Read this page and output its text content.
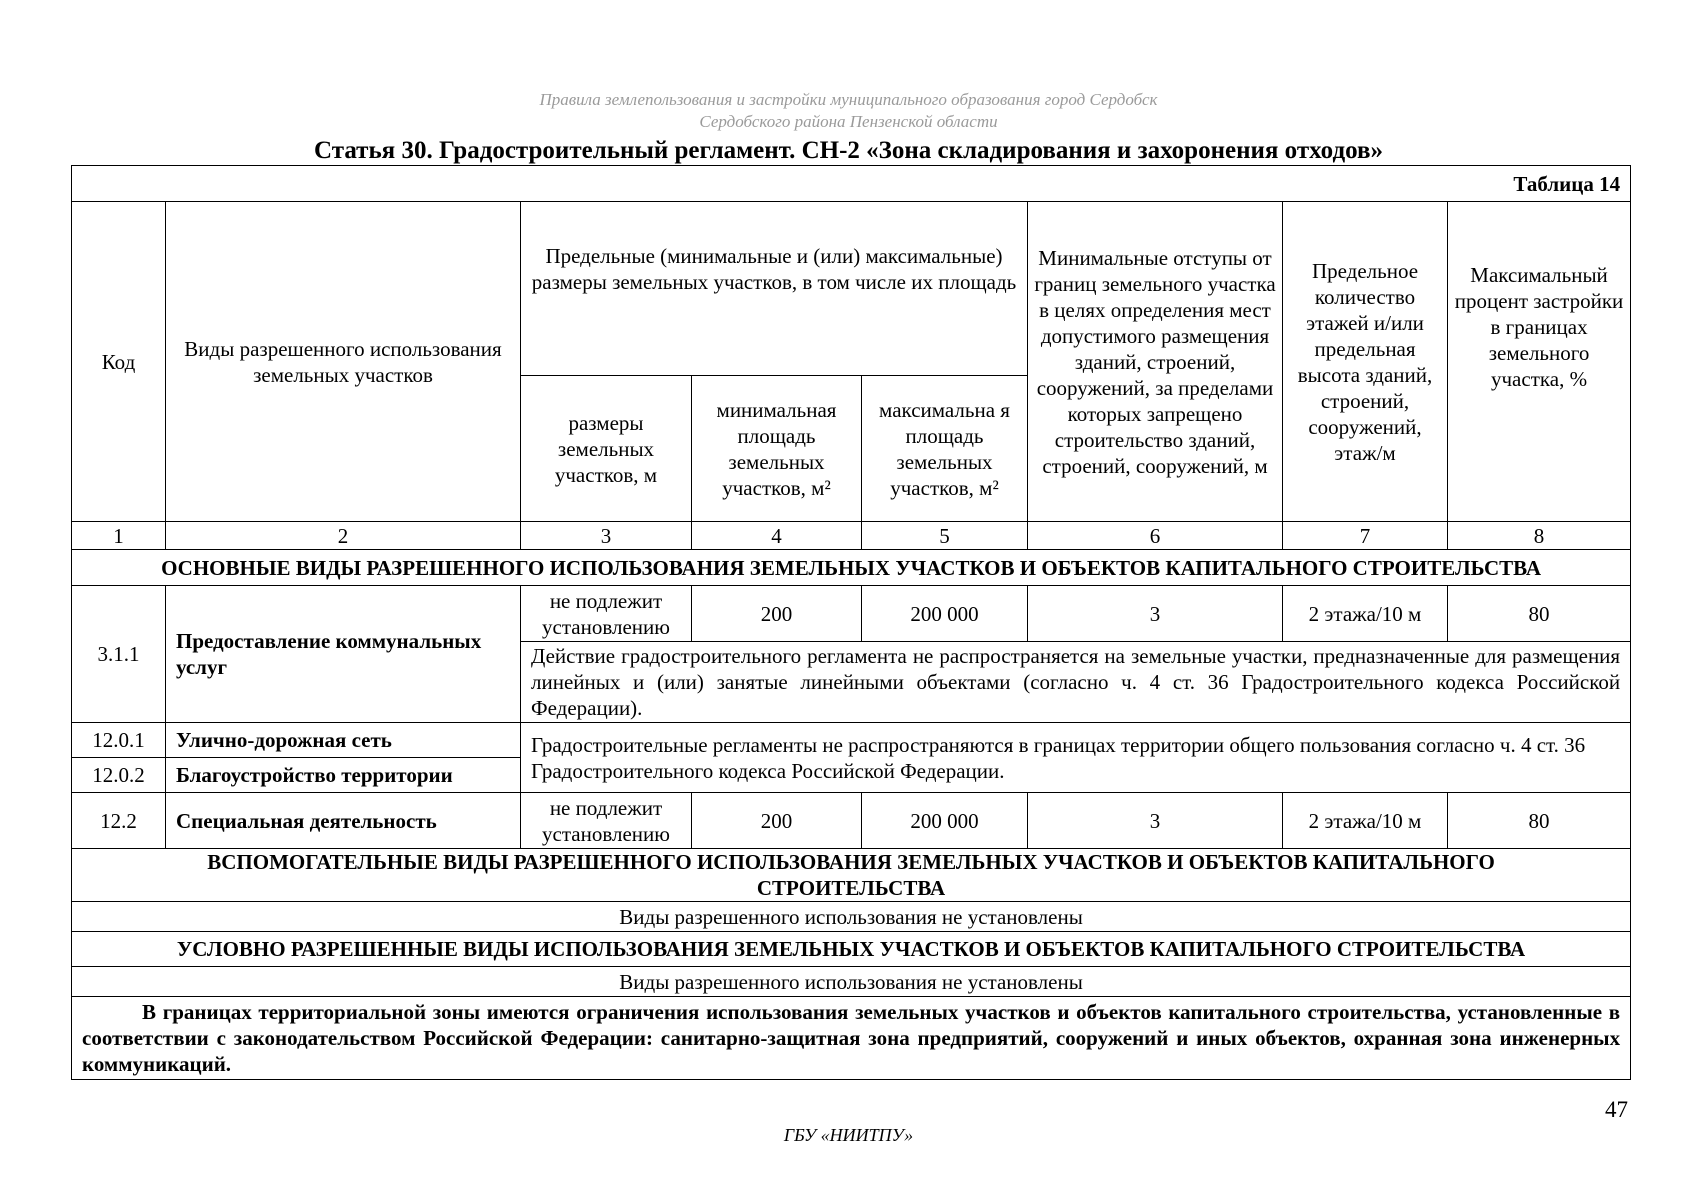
Правила землепользования и застройки муниципального образования город Сердобск
Сердобского района Пензенской области
Статья 30. Градостроительный регламент. СН-2 «Зона складирования и захоронения отходов»
Таблица 14							
Код	Виды разрешенного использования земельных участков	Предельные (минимальные и (или) максимальные) размеры земельных участков, в том числе их площадь			Минимальные отступы от границ земельного участка в целях определения мест допустимого размещения зданий, строений, сооружений, за пределами которых запрещено строительство зданий, строений, сооружений, м	Предельное количество этажей и/или предельная высота зданий, строений, сооружений, этаж/м	Максимальный процент застройки в границах земельного участка, %
		размеры земельных участков, м	минимальная площадь земельных участков, м²	максимальна я площадь земельных участков, м²			
1	2	3	4	5	6	7	8
ОСНОВНЫЕ ВИДЫ РАЗРЕШЕННОГО ИСПОЛЬЗОВАНИЯ ЗЕМЕЛЬНЫХ УЧАСТКОВ И ОБЪЕКТОВ КАПИТАЛЬНОГО СТРОИТЕЛЬСТВА							
3.1.1	Предоставление коммунальных услуг	не подлежит установлению	200	200 000	3	2 этажа/10 м	80
		Действие градостроительного регламента не распространяется на земельные участки, предназначенные для размещения линейных и (или) занятые линейными объектами (согласно ч. 4 ст. 36 Градостроительного кодекса Российской Федерации).					
12.0.1	Улично-дорожная сеть	Градостроительные регламенты не распространяются в границах территории общего пользования согласно ч. 4 ст. 36 Градостроительного кодекса Российской Федерации.					
12.0.2	Благоустройство территории						
12.2	Специальная деятельность	не подлежит установлению	200	200 000	3	2 этажа/10 м	80
ВСПОМОГАТЕЛЬНЫЕ ВИДЫ РАЗРЕШЕННОГО ИСПОЛЬЗОВАНИЯ ЗЕМЕЛЬНЫХ УЧАСТКОВ И ОБЪЕКТОВ КАПИТАЛЬНОГО СТРОИТЕЛЬСТВА							
Виды разрешенного использования не установлены							
УСЛОВНО РАЗРЕШЕННЫЕ ВИДЫ ИСПОЛЬЗОВАНИЯ ЗЕМЕЛЬНЫХ УЧАСТКОВ И ОБЪЕКТОВ КАПИТАЛЬНОГО СТРОИТЕЛЬСТВА							
Виды разрешенного использования не установлены							
В границах территориальной зоны имеются ограничения использования земельных участков и объектов капитального строительства, установленные в соответствии с законодательством Российской Федерации: санитарно-защитная зона предприятий, сооружений и иных объектов, охранная зона инженерных коммуникаций.							
47
ГБУ «НИИТПУ»
